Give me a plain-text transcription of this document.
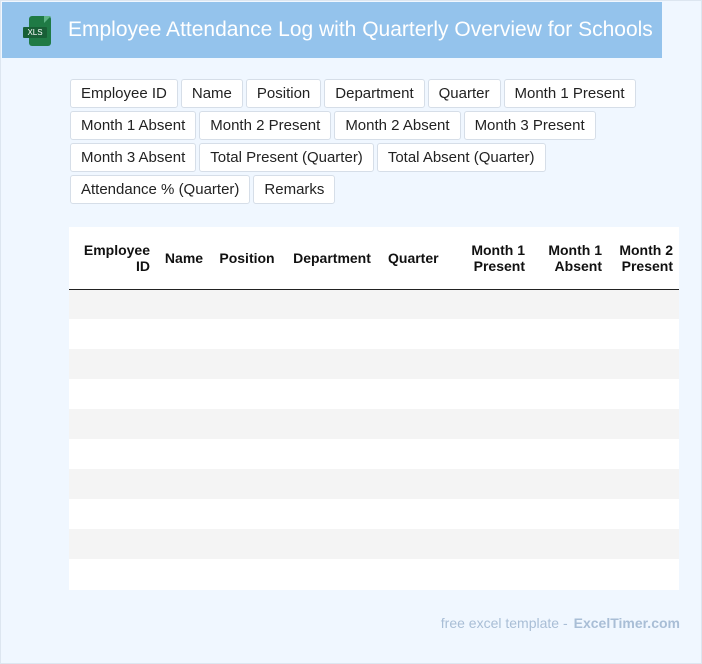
XLS Employee Attendance Log with Quarterly Overview for Schools
Employee ID	Name	Position	Department	Quarter	Month 1 Present
Month 1 Absent	Month 2 Present	Month 2 Absent	Month 3 Present
Month 3 Absent	Total Present (Quarter)	Total Absent (Quarter)
Attendance % (Quarter)	Remarks
Employee ID	Name	Position	Department	Quarter	Month 1 Present	Month 1 Absent	Month 2 Present

free excel template - ExcelTimer.com
